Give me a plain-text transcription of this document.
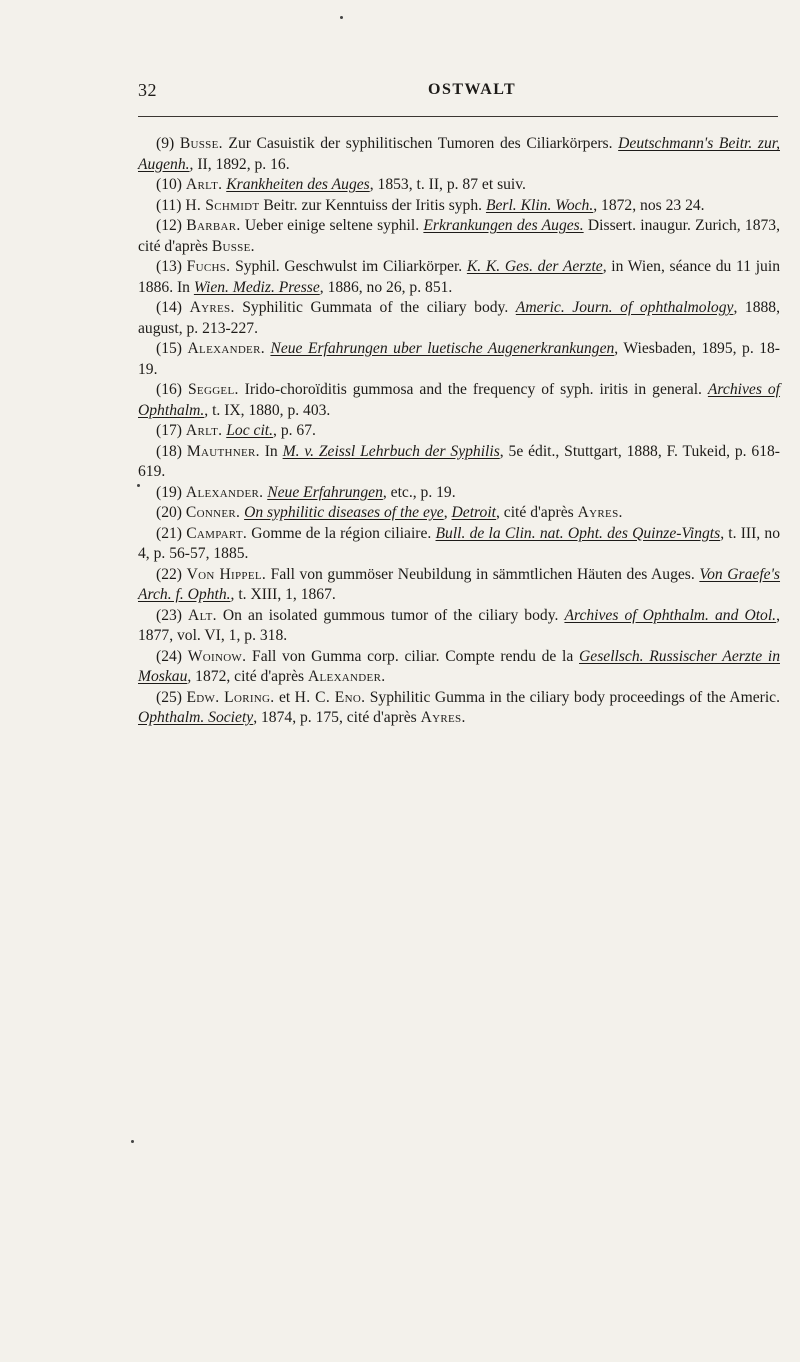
32	OSTWALT

(9) Busse. Zur Casuistik der syphilitischen Tumoren des Ciliarkörpers. Deutschmann's Beitr. zur, Augenh., II, 1892, p. 16.

(10) Arlt. Krankheiten des Auges, 1853, t. II, p. 87 et suiv.

(11) H. Schmidt Beitr. zur Kenntuiss der Iritis syph. Berl. Klin. Woch., 1872, nos 23 24.

(12) Barbar. Ueber einige seltene syphil. Erkrankungen des Auges. Dissert. inaugur. Zurich, 1873, cité d'après Busse.

(13) Fuchs. Syphil. Geschwulst im Ciliarkörper. K. K. Ges. der Aerzte, in Wien, séance du 11 juin 1886. In Wien. Mediz. Presse, 1886, no 26, p. 851.

(14) Ayres. Syphilitic Gummata of the ciliary body. Americ. Journ. of ophthalmology, 1888, august, p. 213-227.

(15) Alexander. Neue Erfahrungen uber luetische Augenerkrankungen, Wiesbaden, 1895, p. 18-19.

(16) Seggel. Irido-choroïditis gummosa and the frequency of syph. iritis in general. Archives of Ophthalm., t. IX, 1880, p. 403.

(17) Arlt. Loc cit., p. 67.

(18) Mauthner. In M. v. Zeissl Lehrbuch der Syphilis, 5e édit., Stuttgart, 1888, F. Tukeid, p. 618-619.

(19) Alexander. Neue Erfahrungen, etc., p. 19.

(20) Conner. On syphilitic diseases of the eye, Detroit, cité d'après Ayres.

(21) Campart. Gomme de la région ciliaire. Bull. de la Clin. nat. Opht. des Quinze-Vingts, t. III, no 4, p. 56-57, 1885.

(22) Von Hippel. Fall von gummöser Neubildung in sämmtlichen Häuten des Auges. Von Graefe's Arch. f. Ophth., t. XIII, 1, 1867.

(23) Alt. On an isolated gummous tumor of the ciliary body. Archives of Ophthalm. and Otol., 1877, vol. VI, 1, p. 318.

(24) Woinow. Fall von Gumma corp. ciliar. Compte rendu de la Gesellsch. Russischer Aerzte in Moskau, 1872, cité d'après Alexander.

(25) Edw. Loring. et H. C. Eno. Syphilitic Gumma in the ciliary body proceedings of the Americ. Ophthalm. Society, 1874, p. 175, cité d'après Ayres.
